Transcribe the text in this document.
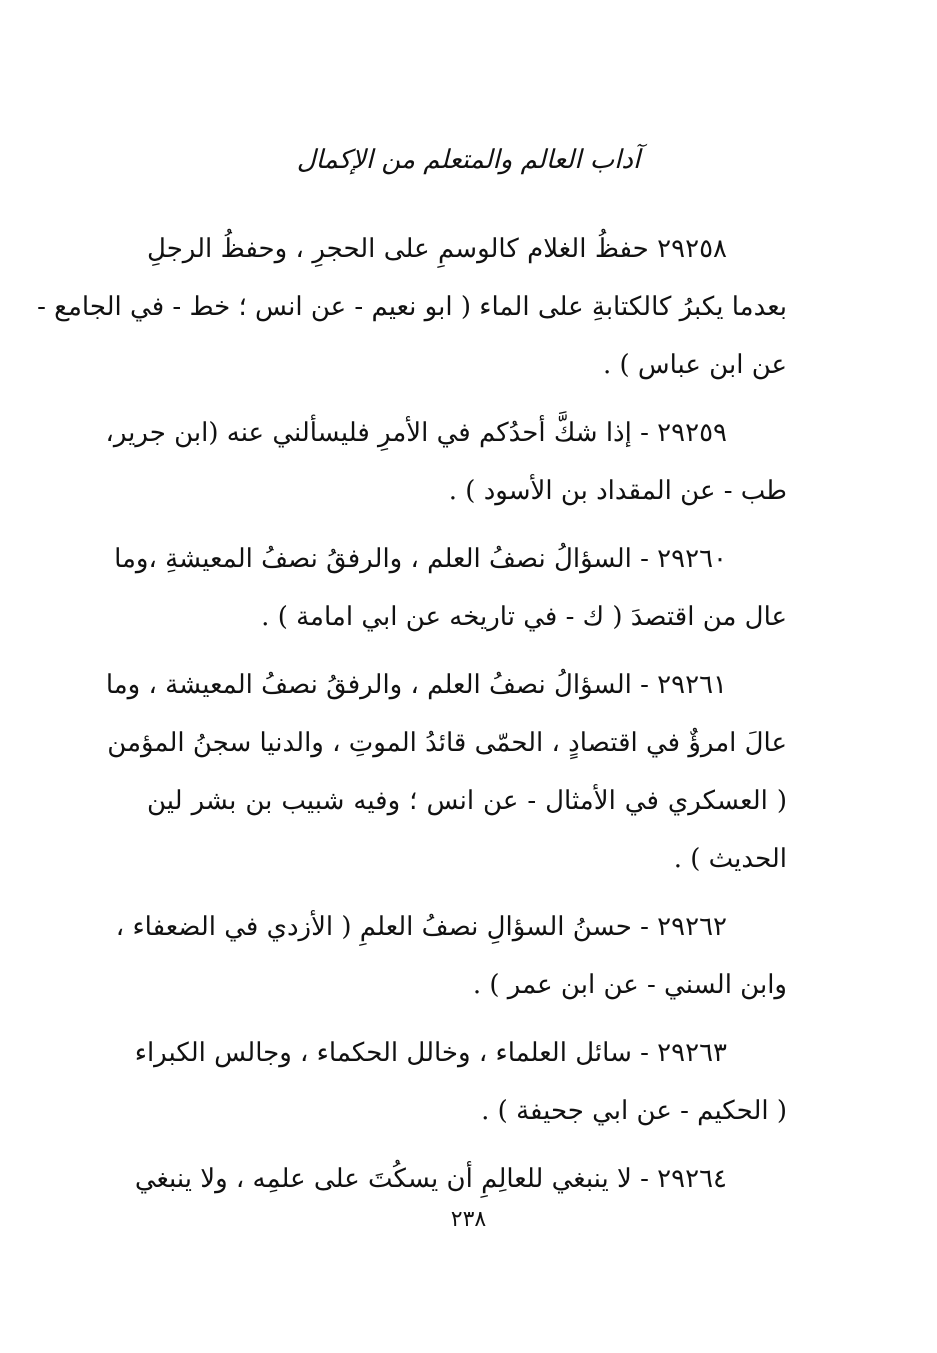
آداب العالم والمتعلم من الإكمال
٢٩٢٥٨ حفظُ الغلام كالوسمِ على الحجرِ ، وحفظُ الرجلِ
بعدما يكبرُ كالكتابةِ على الماء ( ابو نعيم - عن انس ؛ خط - في الجامع -
عن ابن عباس ) .
٢٩٢٥٩ - إذا شكَّ أحدُكم في الأمرِ فليسألني عنه (ابن جرير،
طب - عن المقداد بن الأسود ) .
٢٩٢٦٠ - السؤالُ نصفُ العلم ، والرفقُ نصفُ المعيشةِ ،وما
عال من اقتصدَ ( ك - في تاريخه عن ابي امامة ) .
٢٩٢٦١ - السؤالُ نصفُ العلم ، والرفقُ نصفُ المعيشة ، وما
عالَ امرؤٌ في اقتصادٍ ، الحمّى قائدُ الموتِ ، والدنيا سجنُ المؤمن
( العسكري في الأمثال - عن انس ؛ وفيه شبيب بن بشر لين
الحديث ) .
٢٩٢٦٢ - حسنُ السؤالِ نصفُ العلمِ ( الأزدي في الضعفاء ،
وابن السني - عن ابن عمر ) .
٢٩٢٦٣ - سائل العلماء ، وخالل الحكماء ، وجالس الكبراء
( الحكيم - عن ابي جحيفة ) .
٢٩٢٦٤ - لا ينبغي للعالِمِ أن يسكُتَ على علمِه ، ولا ينبغي
٢٣٨
